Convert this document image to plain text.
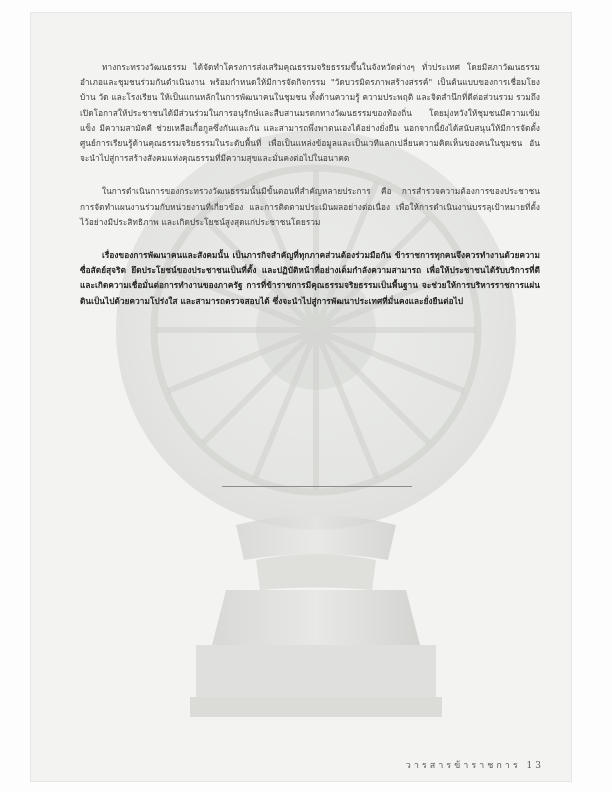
ทางกระทรวงวัฒนธรรม ได้จัดทำโครงการส่งเสริมคุณธรรมจริยธรรมขึ้นในจังหวัดต่างๆ ทั่วประเทศ โดยมีสภาวัฒนธรรมอำเภอและชุมชนร่วมกันดำเนินงาน พร้อมกำหนดให้มีการจัดกิจกรรม "วัดบวรมิตรภาพสร้างสรรค์" เป็นต้นแบบของการเชื่อมโยงบ้าน วัด และโรงเรียน ให้เป็นแกนหลักในการพัฒนาคนในชุมชน ทั้งด้านความรู้ ความประพฤติ และจิตสำนึกที่ดีต่อส่วนรวม รวมถึงเปิดโอกาสให้ประชาชนได้มีส่วนร่วมในการอนุรักษ์และสืบสานมรดกทางวัฒนธรรมของท้องถิ่น โดยมุ่งหวังให้ชุมชนมีความเข้มแข็ง มีความสามัคคี ช่วยเหลือเกื้อกูลซึ่งกันและกัน และสามารถพึ่งพาตนเองได้อย่างยั่งยืน นอกจากนี้ยังได้สนับสนุนให้มีการจัดตั้งศูนย์การเรียนรู้ด้านคุณธรรมจริยธรรมในระดับพื้นที่ เพื่อเป็นแหล่งข้อมูลและเป็นเวทีแลกเปลี่ยนความคิดเห็นของคนในชุมชน อันจะนำไปสู่การสร้างสังคมแห่งคุณธรรมที่มีความสุขและมั่นคงต่อไปในอนาคต

ในการดำเนินการของกระทรวงวัฒนธรรมนั้นมีขั้นตอนที่สำคัญหลายประการ คือ การสำรวจความต้องการของประชาชน การจัดทำแผนงานร่วมกับหน่วยงานที่เกี่ยวข้อง และการติดตามประเมินผลอย่างต่อเนื่อง เพื่อให้การดำเนินงานบรรลุเป้าหมายที่ตั้งไว้อย่างมีประสิทธิภาพ และเกิดประโยชน์สูงสุดแก่ประชาชนโดยรวม

เรื่องของการพัฒนาคนและสังคมนั้น เป็นภารกิจสำคัญที่ทุกภาคส่วนต้องร่วมมือกัน ข้าราชการทุกคนจึงควรทำงานด้วยความซื่อสัตย์สุจริต ยึดประโยชน์ของประชาชนเป็นที่ตั้ง และปฏิบัติหน้าที่อย่างเต็มกำลังความสามารถ เพื่อให้ประชาชนได้รับบริการที่ดีและเกิดความเชื่อมั่นต่อการทำงานของภาครัฐ การที่ข้าราชการมีคุณธรรมจริยธรรมเป็นพื้นฐาน จะช่วยให้การบริหารราชการแผ่นดินเป็นไปด้วยความโปร่งใส และสามารถตรวจสอบได้ ซึ่งจะนำไปสู่การพัฒนาประเทศที่มั่นคงและยั่งยืนต่อไป

วารสารข้าราชการ 13
